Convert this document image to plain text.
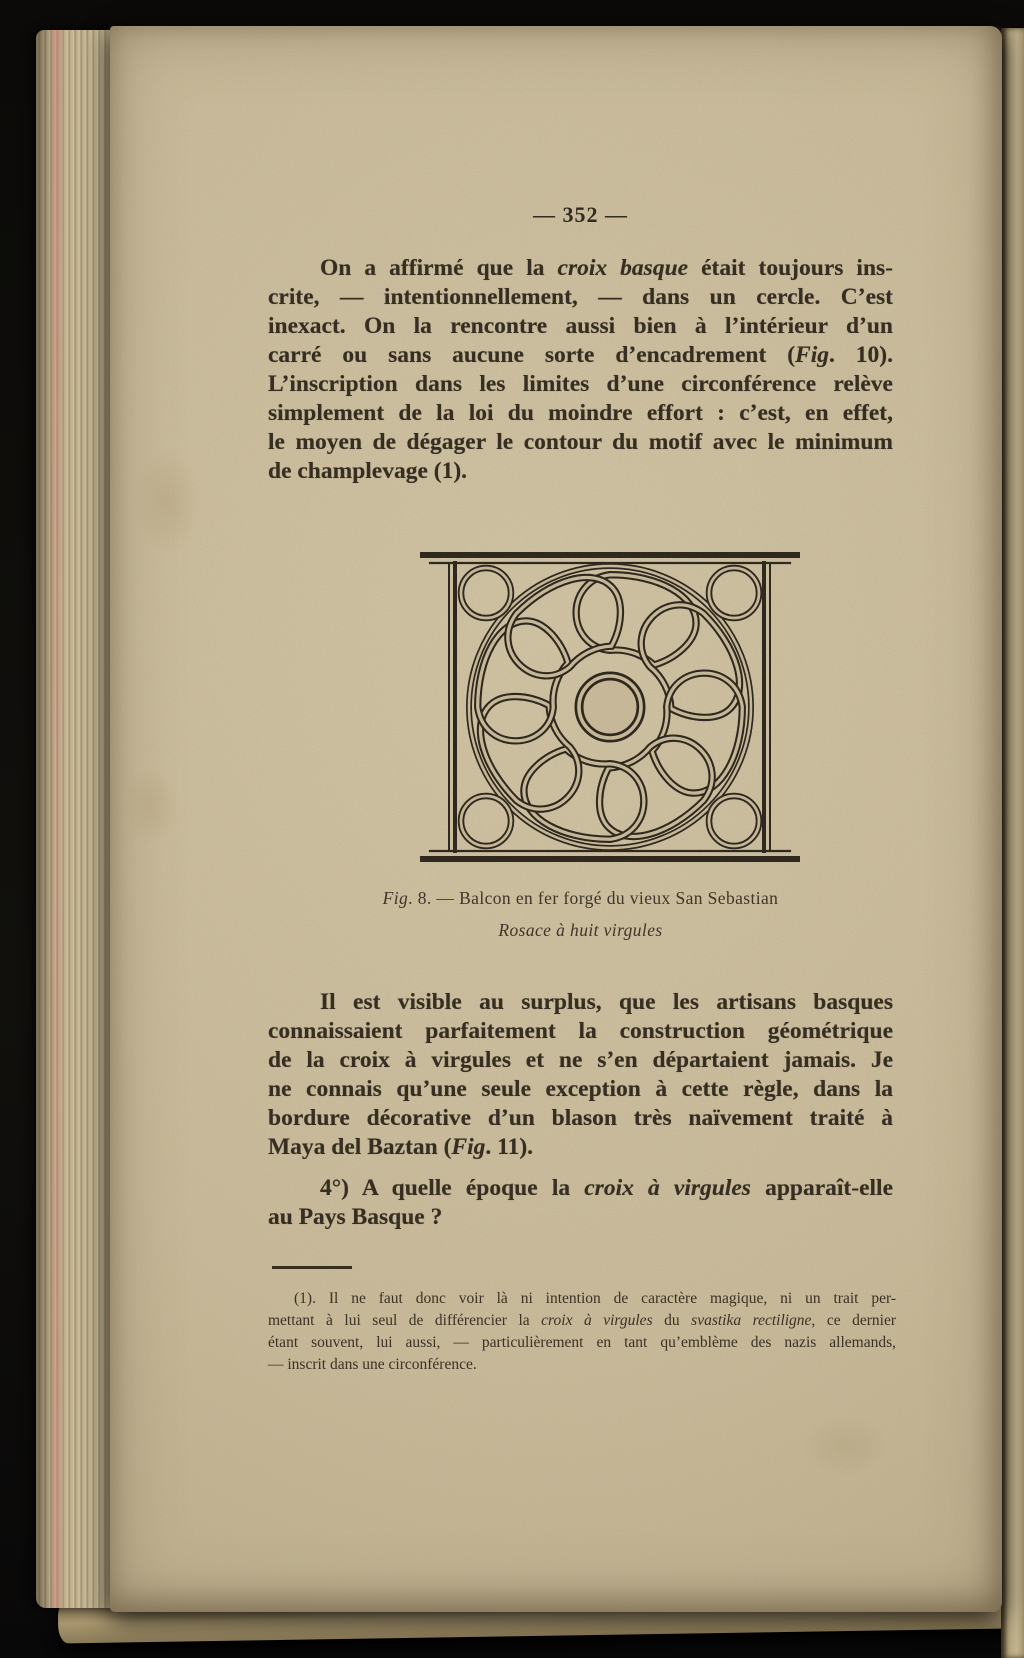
— 352 —
On a affirmé que la croix basque était toujours ins-
crite, — intentionnellement, — dans un cercle. C’est
inexact. On la rencontre aussi bien à l’intérieur d’un
carré ou sans aucune sorte d’encadrement (Fig. 10).
L’inscription dans les limites d’une circonférence relève
simplement de la loi du moindre effort : c’est, en effet,
le moyen de dégager le contour du motif avec le minimum
de champlevage (1).
Fig. 8. — Balcon en fer forgé du vieux San Sebastian
Rosace à huit virgules
Il est visible au surplus, que les artisans basques
connaissaient parfaitement la construction géométrique
de la croix à virgules et ne s’en départaient jamais. Je
ne connais qu’une seule exception à cette règle, dans la
bordure décorative d’un blason très naïvement traité à
Maya del Baztan (Fig. 11).
4°) A quelle époque la croix à virgules apparaît-elle
au Pays Basque ?
(1). Il ne faut donc voir là ni intention de caractère magique, ni un trait per-
mettant à lui seul de différencier la croix à virgules du svastika rectiligne, ce dernier
étant souvent, lui aussi, — particulièrement en tant qu’emblème des nazis allemands,
— inscrit dans une circonférence.
